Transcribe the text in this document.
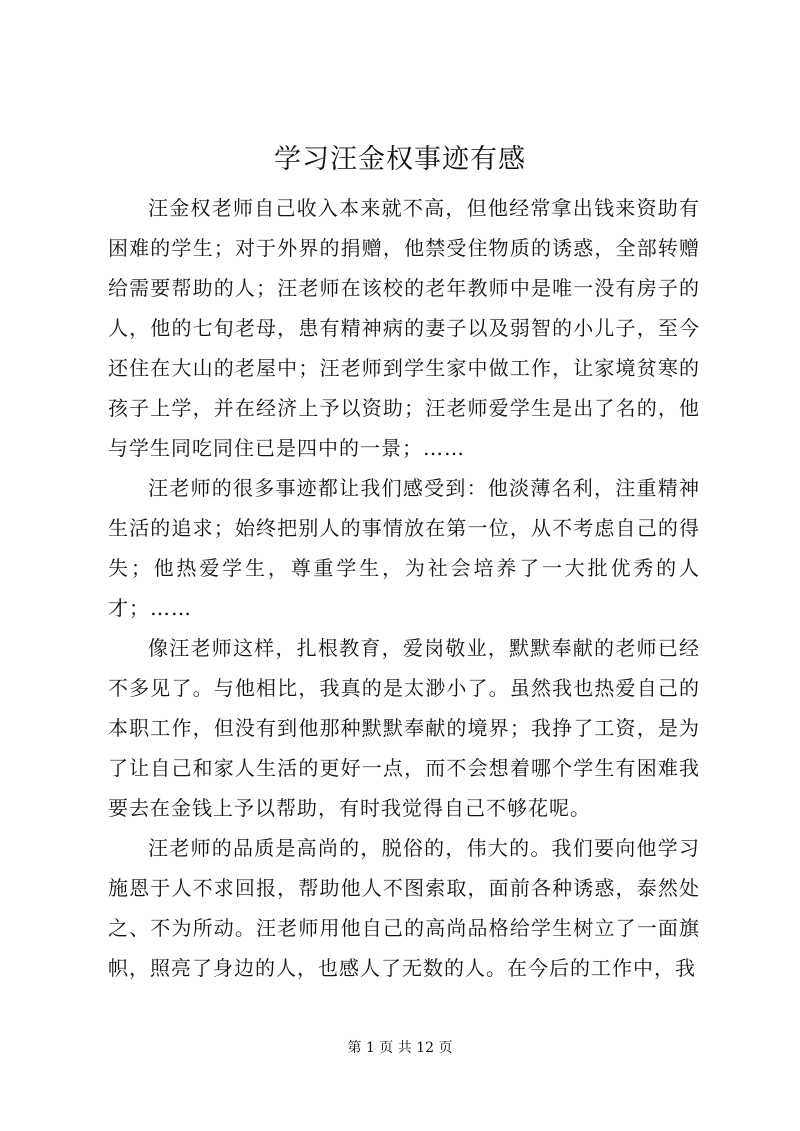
学习汪金权事迹有感

汪金权老师自己收入本来就不高，但他经常拿出钱来资助有困难的学生；对于外界的捐赠，他禁受住物质的诱惑，全部转赠给需要帮助的人；汪老师在该校的老年教师中是唯一没有房子的人，他的七旬老母，患有精神病的妻子以及弱智的小儿子，至今还住在大山的老屋中；汪老师到学生家中做工作，让家境贫寒的孩子上学，并在经济上予以资助；汪老师爱学生是出了名的，他与学生同吃同住已是四中的一景；……

汪老师的很多事迹都让我们感受到：他淡薄名利，注重精神生活的追求；始终把别人的事情放在第一位，从不考虑自己的得失；他热爱学生，尊重学生，为社会培养了一大批优秀的人才；……

像汪老师这样，扎根教育，爱岗敬业，默默奉献的老师已经不多见了。与他相比，我真的是太渺小了。虽然我也热爱自己的本职工作，但没有到他那种默默奉献的境界；我挣了工资，是为了让自己和家人生活的更好一点，而不会想着哪个学生有困难我要去在金钱上予以帮助，有时我觉得自己不够花呢。

汪老师的品质是高尚的，脱俗的，伟大的。我们要向他学习施恩于人不求回报，帮助他人不图索取，面前各种诱惑，泰然处之、不为所动。汪老师用他自己的高尚品格给学生树立了一面旗帜，照亮了身边的人，也感人了无数的人。在今后的工作中，我

第 1 页 共 12 页
